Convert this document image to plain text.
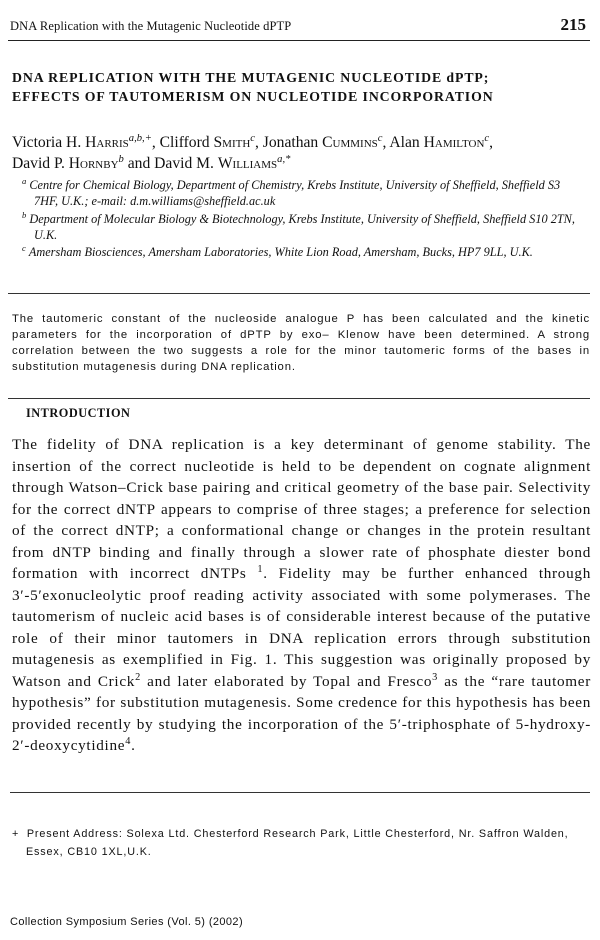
DNA Replication with the Mutagenic Nucleotide dPTP	215
DNA REPLICATION WITH THE MUTAGENIC NUCLEOTIDE dPTP;
EFFECTS OF TAUTOMERISM ON NUCLEOTIDE INCORPORATION
Victoria H. Harris$^{a,b,+}$, Clifford Smith$^c$, Jonathan Cummins$^c$, Alan Hamilton$^c$,
David P. Hornby$^b$ and David M. Williams$^{a,*}$

$^a$ Centre for Chemical Biology, Department of Chemistry, Krebs Institute, University of Sheffield, Sheffield S3 7HF, U.K.; e-mail: d.m.williams@sheffield.ac.uk

$^b$ Department of Molecular Biology & Biotechnology, Krebs Institute, University of Sheffield, Sheffield S10 2TN, U.K.

$^c$ Amersham Biosciences, Amersham Laboratories, White Lion Road, Amersham, Bucks, HP7 9LL, U.K.

The tautomeric constant of the nucleoside analogue P has been calculated and the kinetic parameters for the incorporation of dPTP by exo– Klenow have been determined. A strong correlation between the two suggests a role for the minor tautomeric forms of the bases in substitution mutagenesis during DNA replication.

INTRODUCTION

The fidelity of DNA replication is a key determinant of genome stability. The insertion of the correct nucleotide is held to be dependent on cognate alignment through Watson–Crick base pairing and critical geometry of the base pair. Selectivity for the correct dNTP appears to comprise of three stages; a preference for selection of the correct dNTP; a conformational change or changes in the protein resultant from dNTP binding and finally through a slower rate of phosphate diester bond formation with incorrect dNTPs $^1$. Fidelity may be further enhanced through 3′-5′exonucleolytic proof reading activity associated with some polymerases. The tautomerism of nucleic acid bases is of considerable interest because of the putative role of their minor tautomers in DNA replication errors through substitution mutagenesis as exemplified in Fig. 1. This suggestion was originally proposed by Watson and Crick$^2$ and later elaborated by Topal and Fresco$^3$ as the “rare tautomer hypothesis” for substitution mutagenesis. Some credence for this hypothesis has been provided recently by studying the incorporation of the 5′-triphosphate of 5-hydroxy-2′-deoxycytidine$^4$.

+ Present Address: Solexa Ltd. Chesterford Research Park, Little Chesterford, Nr. Saffron Walden, Essex, CB10 1XL,U.K.

Collection Symposium Series (Vol. 5) (2002)
